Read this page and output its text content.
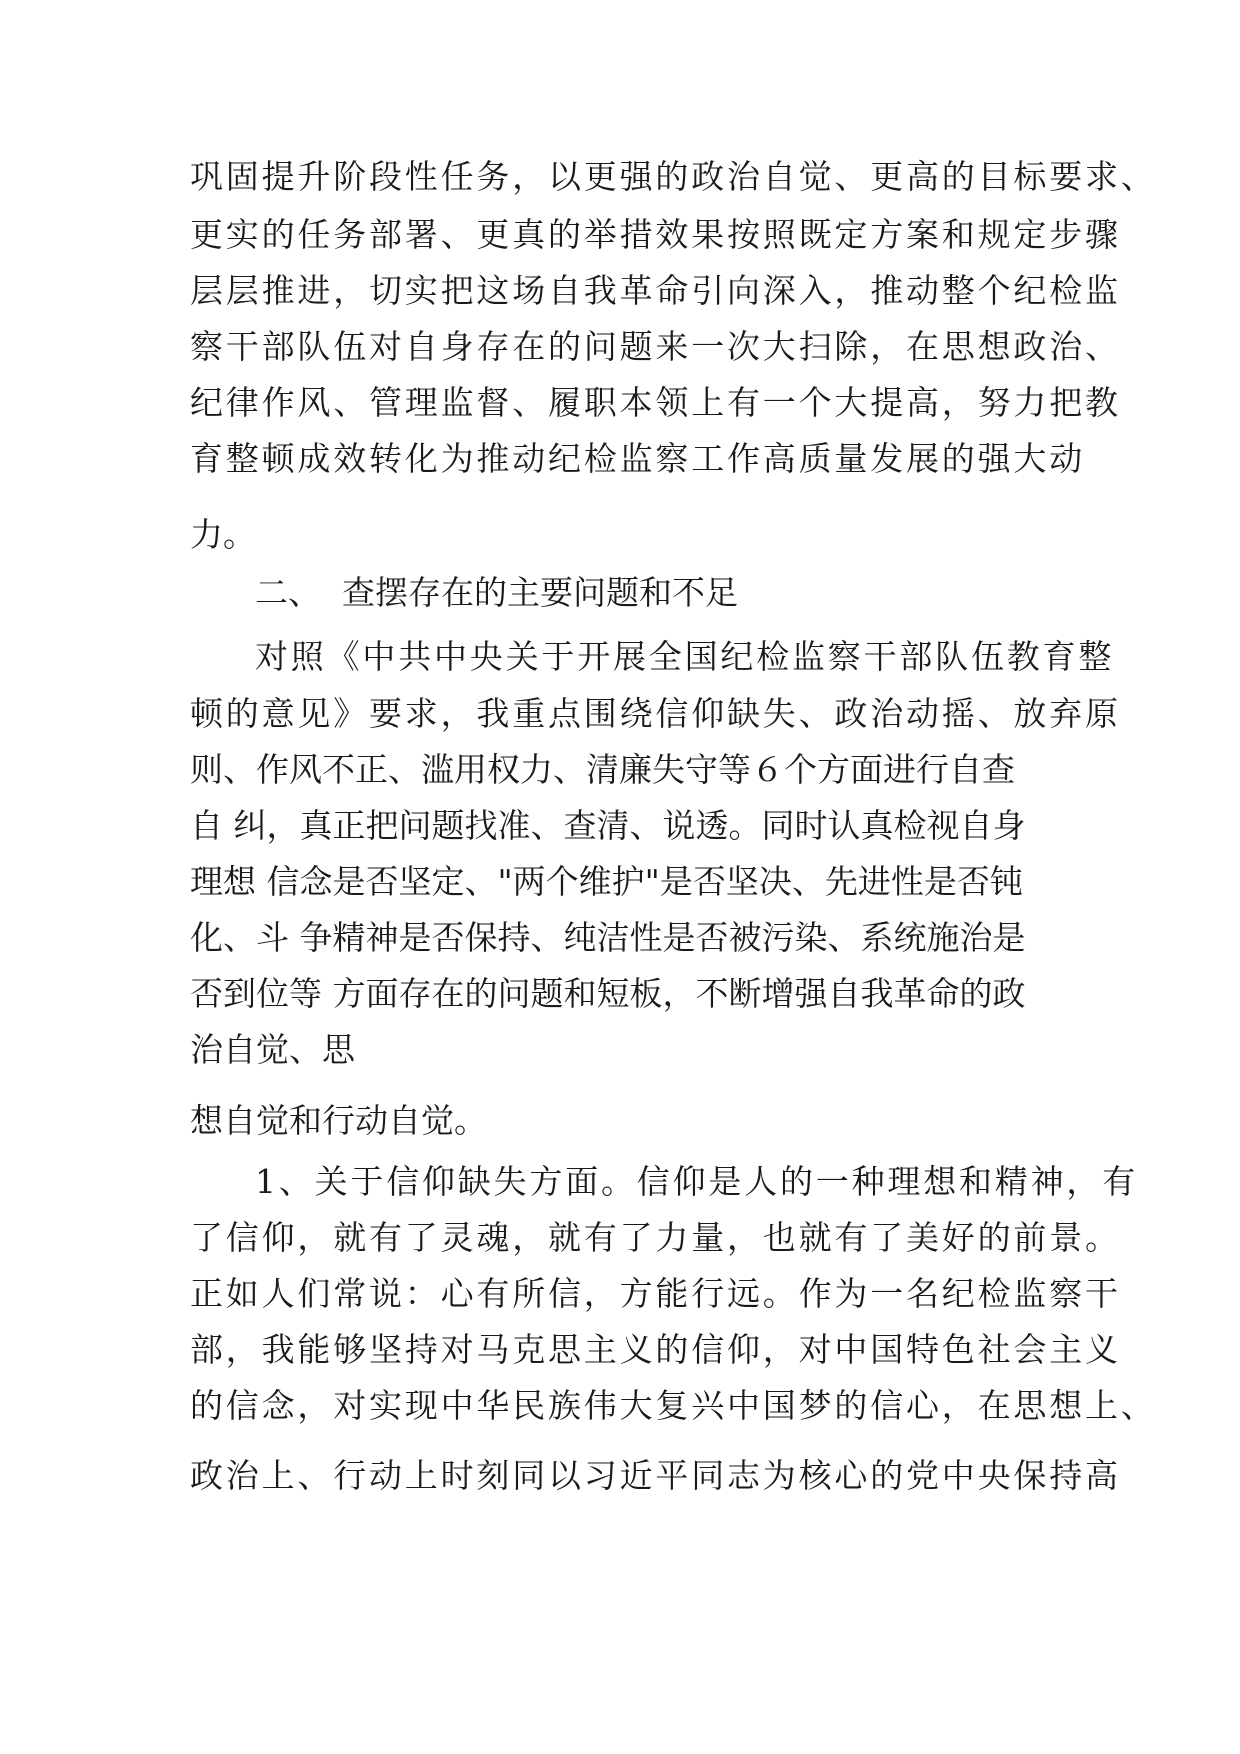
巩固提升阶段性任务，以更强的政治自觉、更高的目标要求、
更实的任务部署、更真的举措效果按照既定方案和规定步骤
层层推进，切实把这场自我革命引向深入，推动整个纪检监
察干部队伍对自身存在的问题来一次大扫除，在思想政治、
纪律作风、管理监督、履职本领上有一个大提高，努力把教
育整顿成效转化为推动纪检监察工作高质量发展的强大动
力。
二、  查摆存在的主要问题和不足
对照《中共中央关于开展全国纪检监察干部队伍教育整
顿的意见》要求，我重点围绕信仰缺失、政治动摇、放弃原
则、作风不正、滥用权力、清廉失守等６个方面进行自查
自 纠，真正把问题找准、查清、说透。同时认真检视自身
理想 信念是否坚定、"两个维护"是否坚决、先进性是否钝
化、斗 争精神是否保持、纯洁性是否被污染、系统施治是
否到位等 方面存在的问题和短板，不断增强自我革命的政
治自觉、思
想自觉和行动自觉。
1、关于信仰缺失方面。信仰是人的一种理想和精神，有
了信仰，就有了灵魂，就有了力量，也就有了美好的前景。
正如人们常说：心有所信，方能行远。作为一名纪检监察干
部，我能够坚持对马克思主义的信仰，对中国特色社会主义
的信念，对实现中华民族伟大复兴中国梦的信心，在思想上、
政治上、行动上时刻同以习近平同志为核心的党中央保持高
